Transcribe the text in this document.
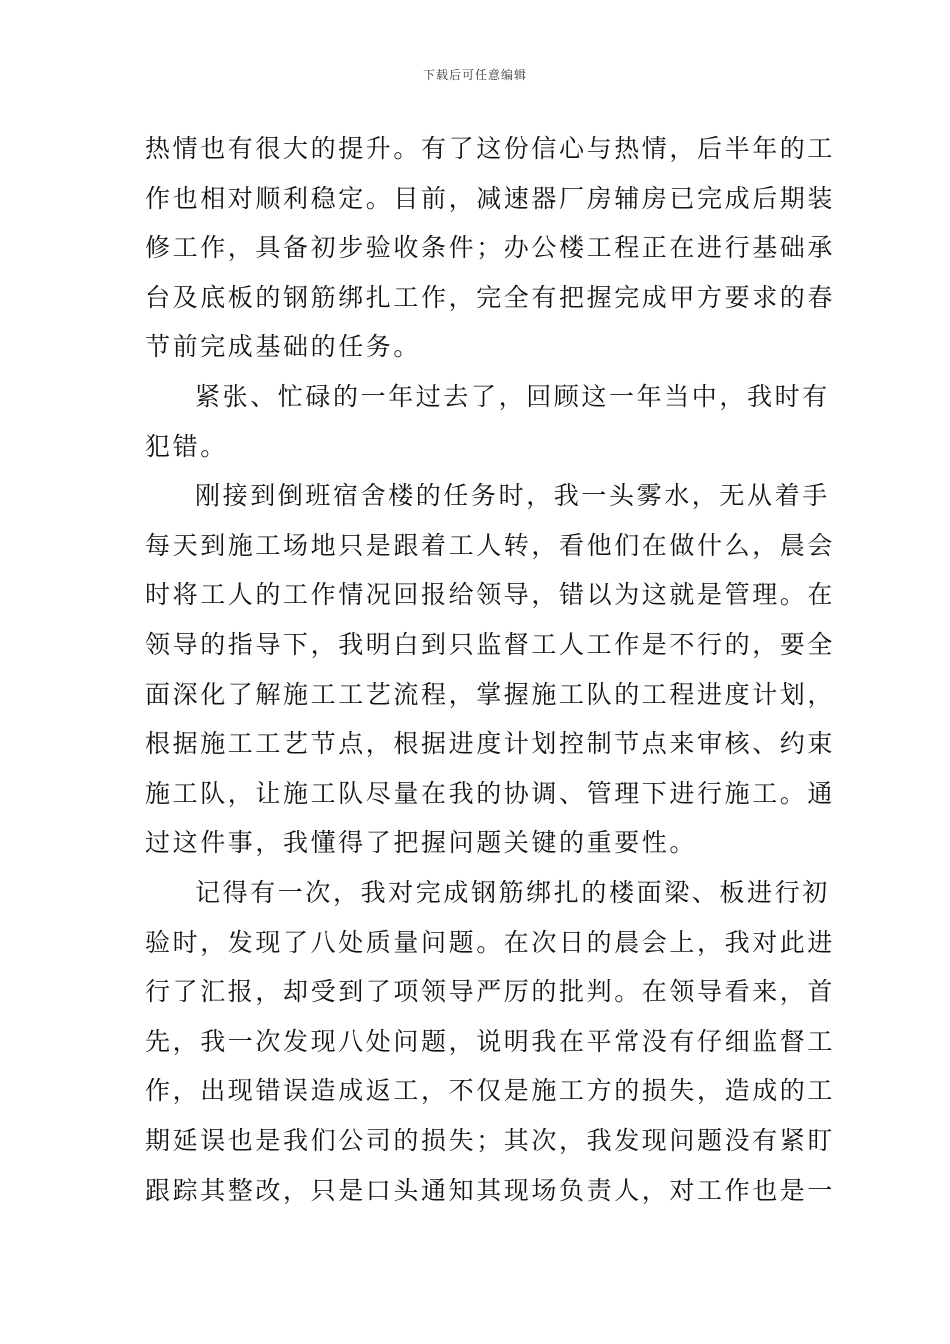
下载后可任意编辑
热情也有很大的提升。有了这份信心与热情，后半年的工
作也相对顺利稳定。目前，减速器厂房辅房已完成后期装
修工作，具备初步验收条件；办公楼工程正在进行基础承
台及底板的钢筋绑扎工作，完全有把握完成甲方要求的春
节前完成基础的任务。
紧张、忙碌的一年过去了，回顾这一年当中，我时有
犯错。
刚接到倒班宿舍楼的任务时，我一头雾水，无从着手
每天到施工场地只是跟着工人转，看他们在做什么，晨会
时将工人的工作情况回报给领导，错以为这就是管理。在
领导的指导下，我明白到只监督工人工作是不行的，要全
面深化了解施工工艺流程，掌握施工队的工程进度计划，
根据施工工艺节点，根据进度计划控制节点来审核、约束
施工队，让施工队尽量在我的协调、管理下进行施工。通
过这件事，我懂得了把握问题关键的重要性。
记得有一次，我对完成钢筋绑扎的楼面梁、板进行初
验时，发现了八处质量问题。在次日的晨会上，我对此进
行了汇报，却受到了项领导严厉的批判。在领导看来，首
先，我一次发现八处问题，说明我在平常没有仔细监督工
作，出现错误造成返工，不仅是施工方的损失，造成的工
期延误也是我们公司的损失；其次，我发现问题没有紧盯
跟踪其整改，只是口头通知其现场负责人，对工作也是一
